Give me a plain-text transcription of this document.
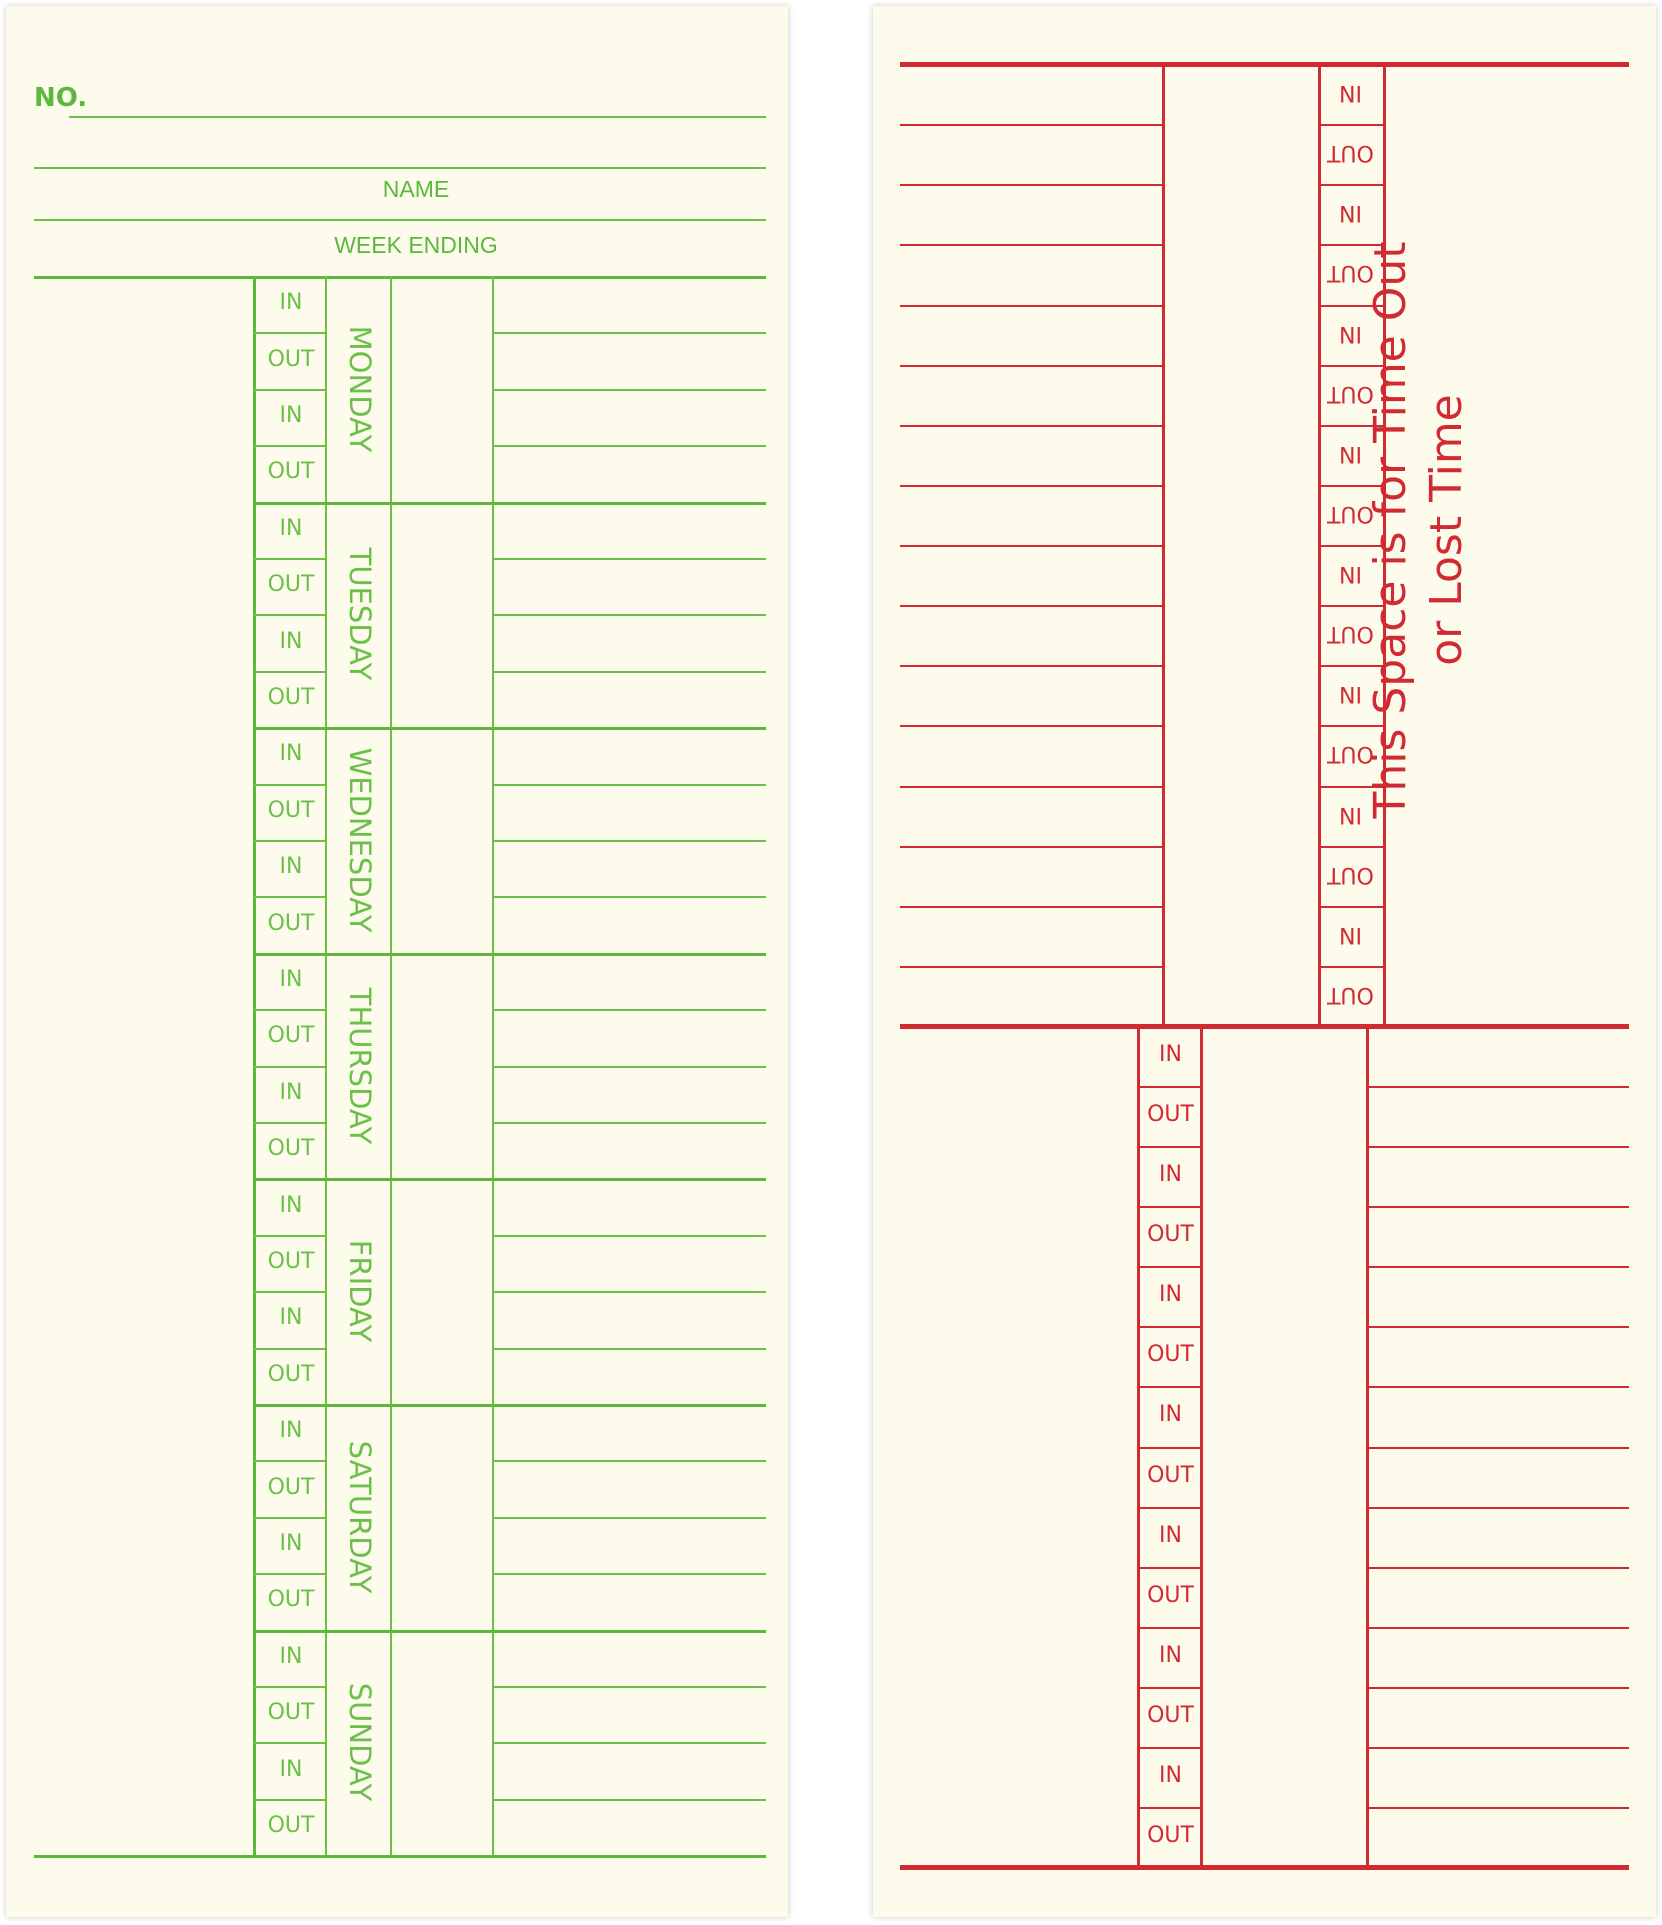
NO.
NAME
WEEK ENDING
MONDAY
IN
OUT
IN
OUT
TUESDAY
IN
OUT
IN
OUT
WEDNESDAY
IN
OUT
IN
OUT
THURSDAY
IN
OUT
IN
OUT
FRIDAY
IN
OUT
IN
OUT
SATURDAY
IN
OUT
IN
OUT
SUNDAY
IN
OUT
IN
OUT
IN
OUT
IN
OUT
IN
OUT
IN
OUT
IN
OUT
IN
OUT
IN
OUT
IN
OUT
IN
OUT
IN
OUT
IN
OUT
IN
OUT
IN
OUT
IN
OUT
IN
OUT
This Space is for Time Out or Lost Time
